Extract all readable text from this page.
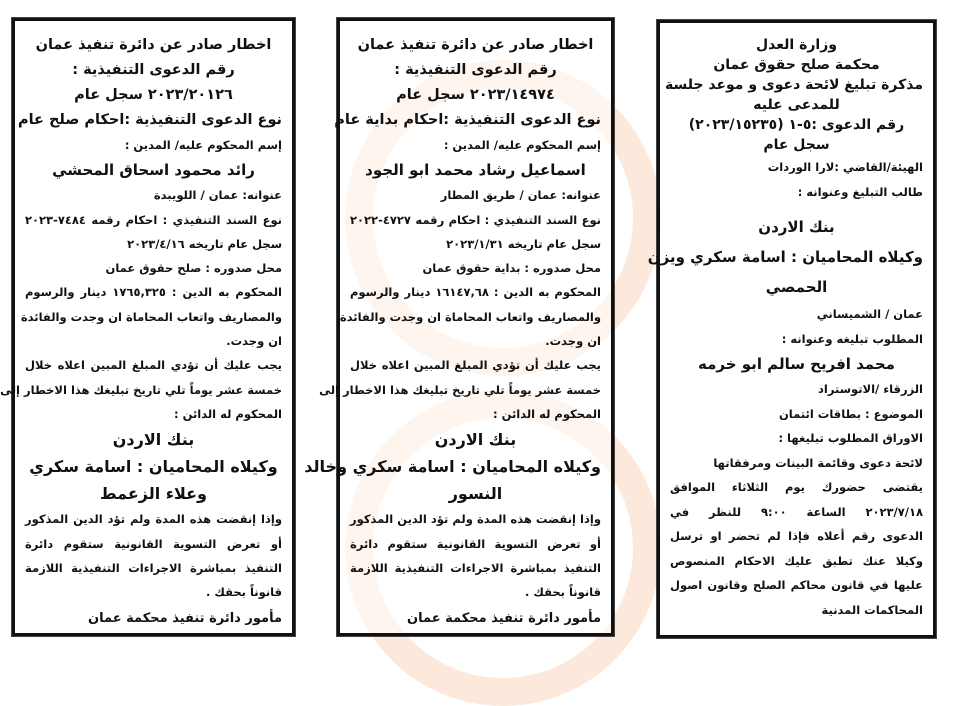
اخطار صادر عن دائرة تنفيذ عمان
رقم الدعوى التنفيذية :
٢٠٢٣/٢٠١٢٦ سجل عام
نوع الدعوى التنفيذية :احكام صلح عام
إسم المحكوم عليه/ المدين :
رائد محمود اسحاق المحشي
عنوانه: عمان / اللويبدة
نوع السند التنفيذي : احكام رقمه ٧٤٨٤-٢٠٢٣
سجل عام تاريخه ٢٠٢٣/٤/١٦
محل صدوره : صلح حقوق عمان
المحكوم به الدين : ١٧٦٥,٣٢٥ دينار والرسوم
والمصاريف واتعاب المحاماة ان وجدت والفائدة
ان وجدت.
يجب عليك أن تؤدي المبلغ المبين اعلاه خلال
خمسة عشر يوماً تلي تاريخ تبليغك هذا الاخطار إلى
المحكوم له الدائن :
بنك الاردن
وكيلاه المحاميان : اسامة سكري
وعلاء الزعمط
وإذا إنقضت هذه المدة ولم تؤد الدين المذكور
أو تعرض التسوية القانونية ستقوم دائرة
التنفيذ بمباشرة الاجراءات التنفيذية اللازمة
قانوناً بحقك .
مأمور دائرة تنفيذ محكمة عمان
اخطار صادر عن دائرة تنفيذ عمان
رقم الدعوى التنفيذية :
٢٠٢٣/١٤٩٧٤ سجل عام
نوع الدعوى التنفيذية :احكام بداية عام
إسم المحكوم عليه/ المدين :
اسماعيل رشاد محمد ابو الجود
عنوانه: عمان / طريق المطار
نوع السند التنفيذي : احكام رقمه ٤٧٢٧-٢٠٢٢
سجل عام تاريخه ٢٠٢٣/١/٣١
محل صدوره : بداية حقوق عمان
المحكوم به الدين : ١٦١٤٧,٦٨ دينار والرسوم
والمصاريف واتعاب المحاماة ان وجدت والفائدة
ان وجدت.
يجب عليك أن تؤدي المبلغ المبين اعلاه خلال
خمسة عشر يوماً تلي تاريخ تبليغك هذا الاخطار إلى
المحكوم له الدائن :
بنك الاردن
وكيلاه المحاميان : اسامة سكري وخالد
النسور
وإذا إنقضت هذه المدة ولم تؤد الدين المذكور
أو تعرض التسوية القانونية ستقوم دائرة
التنفيذ بمباشرة الاجراءات التنفيذية اللازمة
قانوناً بحقك .
مأمور دائرة تنفيذ محكمة عمان
وزارة العدل
محكمة صلح حقوق عمان
مذكرة تبليغ لائحة دعوى و موعد جلسة
للمدعى عليه
رقم الدعوى :٥-١ (٢٠٢٣/١٥٢٣٥)
سجل عام
الهيئة/القاضي :لارا الوردات
طالب التبليغ وعنوانه :
بنك الاردن
وكيلاه المحاميان : اسامة سكري ويزن
الحمصي
عمان / الشميساني
المطلوب تبليغه وعنوانه :
محمد افريح سالم ابو خرمه
الزرقاء /الاتوستراد
الموضوع : بطاقات ائتمان
الاوراق المطلوب تبليغها :
لائحة دعوى وقائمة البينات ومرفقاتها
يقتضى حضورك يوم الثلاثاء الموافق
٢٠٢٣/٧/١٨ الساعة ٩:٠٠ للنظر في
الدعوى رقم أعلاه فإذا لم تحضر او ترسل
وكيلا عنك تطبق عليك الاحكام المنصوص
عليها في قانون محاكم الصلح وقانون اصول
المحاكمات المدنية
